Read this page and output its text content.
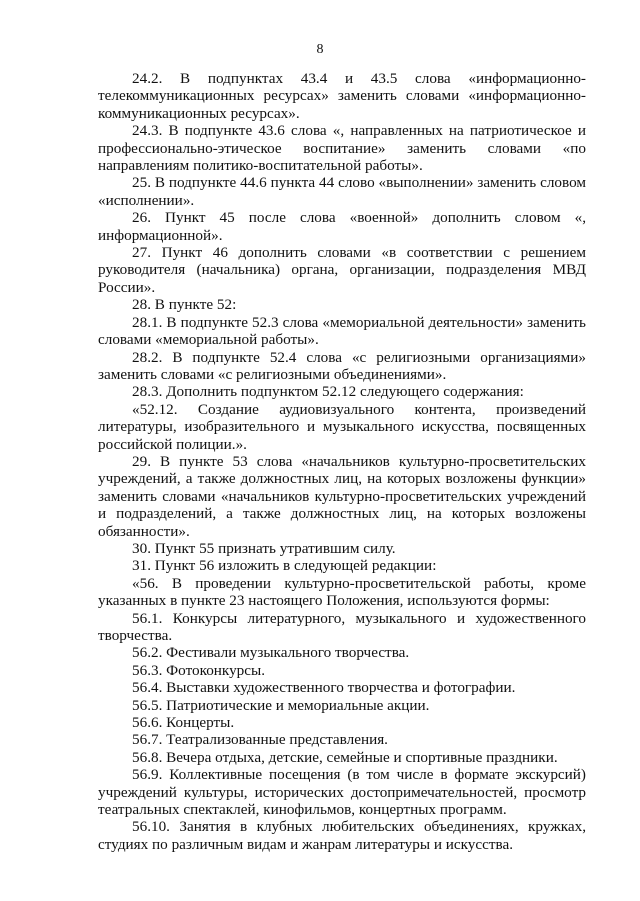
8

24.2. В подпунктах 43.4 и 43.5 слова «информационно-телекоммуникационных ресурсах» заменить словами «информационно-коммуникационных ресурсах».

24.3. В подпункте 43.6 слова «, направленных на патриотическое и профессионально-этическое воспитание» заменить словами «по направлениям политико-воспитательной работы».

25. В подпункте 44.6 пункта 44 слово «выполнении» заменить словом «исполнении».

26. Пункт 45 после слова «военной» дополнить словом «, информационной».

27. Пункт 46 дополнить словами «в соответствии с решением руководителя (начальника) органа, организации, подразделения МВД России».

28. В пункте 52:

28.1. В подпункте 52.3 слова «мемориальной деятельности» заменить словами «мемориальной работы».

28.2. В подпункте 52.4 слова «с религиозными организациями» заменить словами «с религиозными объединениями».

28.3. Дополнить подпунктом 52.12 следующего содержания:

«52.12. Создание аудиовизуального контента, произведений литературы, изобразительного и музыкального искусства, посвященных российской полиции.».

29. В пункте 53 слова «начальников культурно-просветительских учреждений, а также должностных лиц, на которых возложены функции» заменить словами «начальников культурно-просветительских учреждений и подразделений, а также должностных лиц, на которых возложены обязанности».

30. Пункт 55 признать утратившим силу.

31. Пункт 56 изложить в следующей редакции:

«56. В проведении культурно-просветительской работы, кроме указанных в пункте 23 настоящего Положения, используются формы:

56.1. Конкурсы литературного, музыкального и художественного творчества.

56.2. Фестивали музыкального творчества.

56.3. Фотоконкурсы.

56.4. Выставки художественного творчества и фотографии.

56.5. Патриотические и мемориальные акции.

56.6. Концерты.

56.7. Театрализованные представления.

56.8. Вечера отдыха, детские, семейные и спортивные праздники.

56.9. Коллективные посещения (в том числе в формате экскурсий) учреждений культуры, исторических достопримечательностей, просмотр театральных спектаклей, кинофильмов, концертных программ.

56.10. Занятия в клубных любительских объединениях, кружках, студиях по различным видам и жанрам литературы и искусства.
